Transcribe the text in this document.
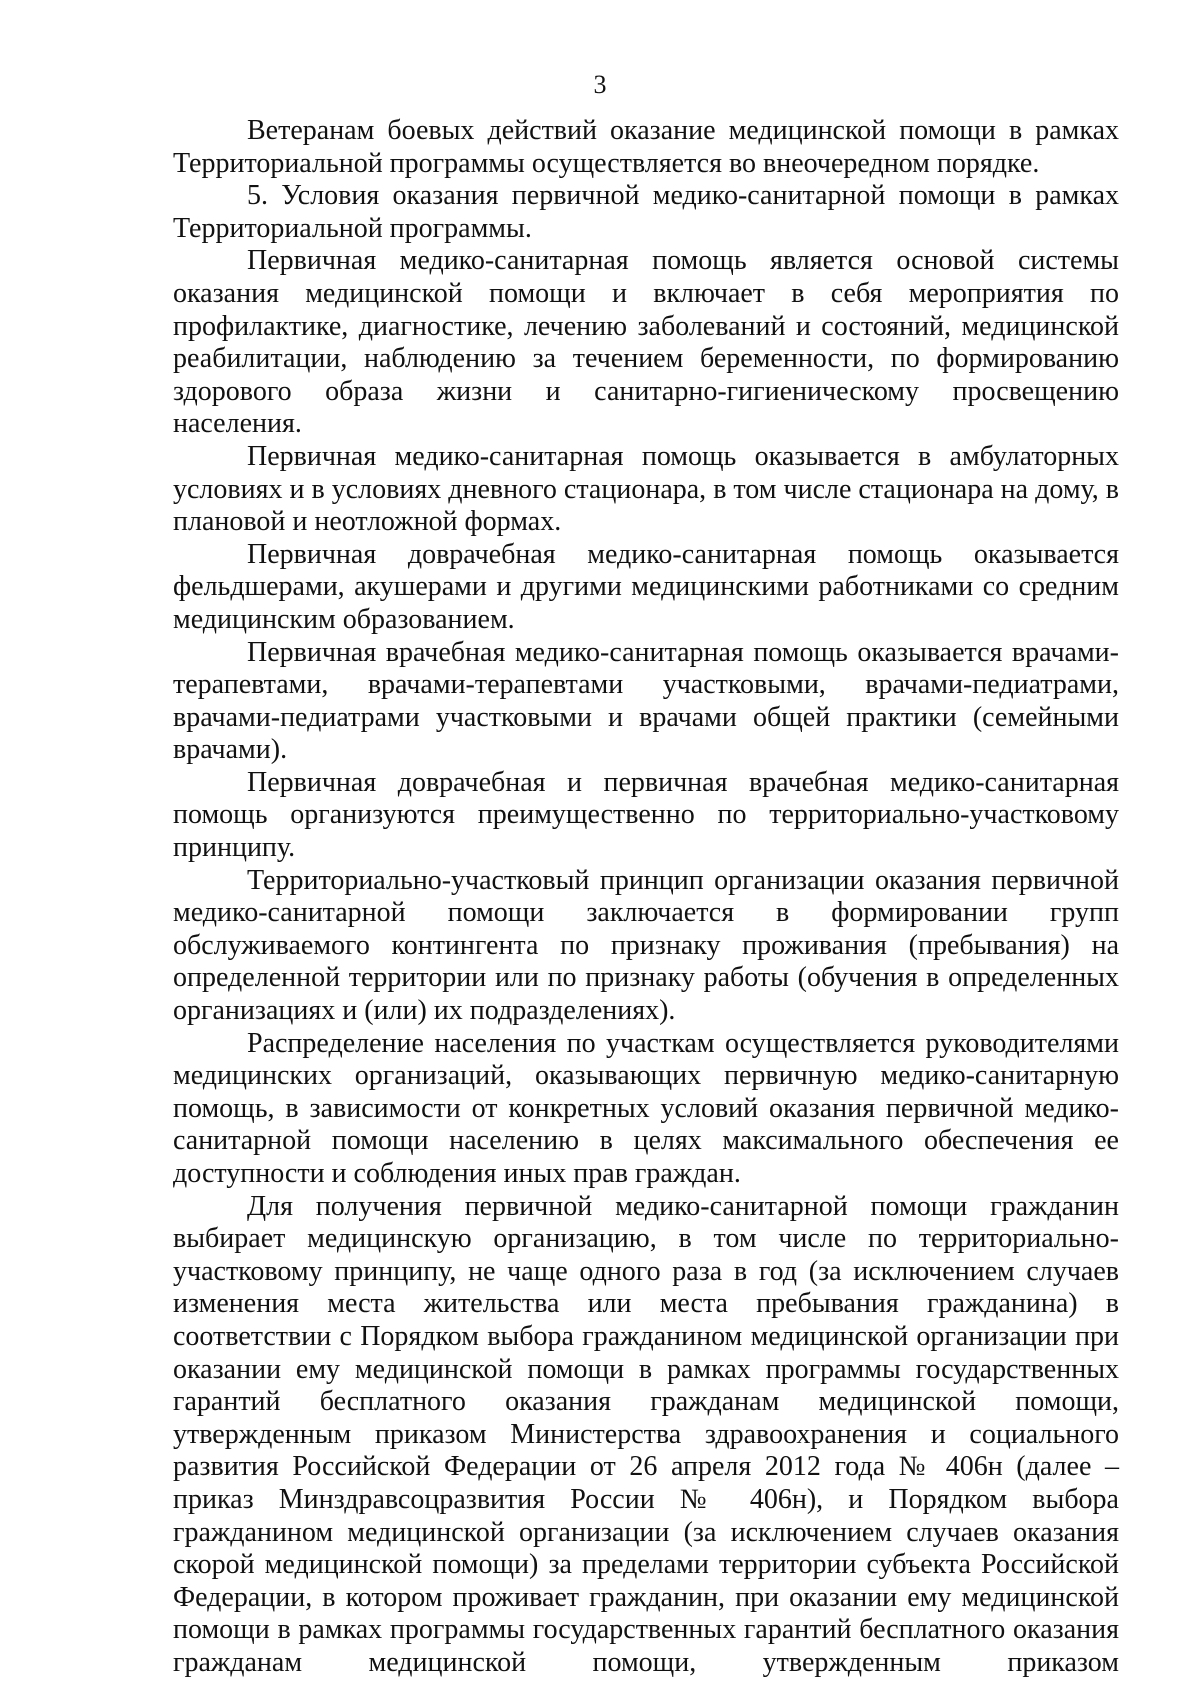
3

Ветеранам боевых действий оказание медицинской помощи в рамках Территориальной программы осуществляется во внеочередном порядке.

5. Условия оказания первичной медико-санитарной помощи в рамках Территориальной программы.

Первичная медико-санитарная помощь является основой системы оказания медицинской помощи и включает в себя мероприятия по профилактике, диагностике, лечению заболеваний и состояний, медицинской реабилитации, наблюдению за течением беременности, по формированию здорового образа жизни и санитарно-гигиеническому просвещению населения.

Первичная медико-санитарная помощь оказывается в амбулаторных условиях и в условиях дневного стационара, в том числе стационара на дому, в плановой и неотложной формах.

Первичная доврачебная медико-санитарная помощь оказывается фельдшерами, акушерами и другими медицинскими работниками со средним медицинским образованием.

Первичная врачебная медико-санитарная помощь оказывается врачами-терапевтами, врачами-терапевтами участковыми, врачами-педиатрами, врачами-педиатрами участковыми и врачами общей практики (семейными врачами).

Первичная доврачебная и первичная врачебная медико-санитарная помощь организуются преимущественно по территориально-участковому принципу.

Территориально-участковый принцип организации оказания первичной медико-санитарной помощи заключается в формировании групп обслуживаемого контингента по признаку проживания (пребывания) на определенной территории или по признаку работы (обучения в определенных организациях и (или) их подразделениях).

Распределение населения по участкам осуществляется руководителями медицинских организаций, оказывающих первичную медико-санитарную помощь, в зависимости от конкретных условий оказания первичной медико-санитарной помощи населению в целях максимального обеспечения ее доступности и соблюдения иных прав граждан.

Для получения первичной медико-санитарной помощи гражданин выбирает медицинскую организацию, в том числе по территориально-участковому принципу, не чаще одного раза в год (за исключением случаев изменения места жительства или места пребывания гражданина) в соответствии с Порядком выбора гражданином медицинской организации при оказании ему медицинской помощи в рамках программы государственных гарантий бесплатного оказания гражданам медицинской помощи, утвержденным приказом Министерства здравоохранения и социального развития Российской Федерации от 26 апреля 2012 года № 406н (далее – приказ Минздравсоцразвития России № 406н), и Порядком выбора гражданином медицинской организации (за исключением случаев оказания скорой медицинской помощи) за пределами территории субъекта Российской Федерации, в котором проживает гражданин, при оказании ему медицинской помощи в рамках программы государственных гарантий бесплатного оказания гражданам медицинской помощи, утвержденным приказом
